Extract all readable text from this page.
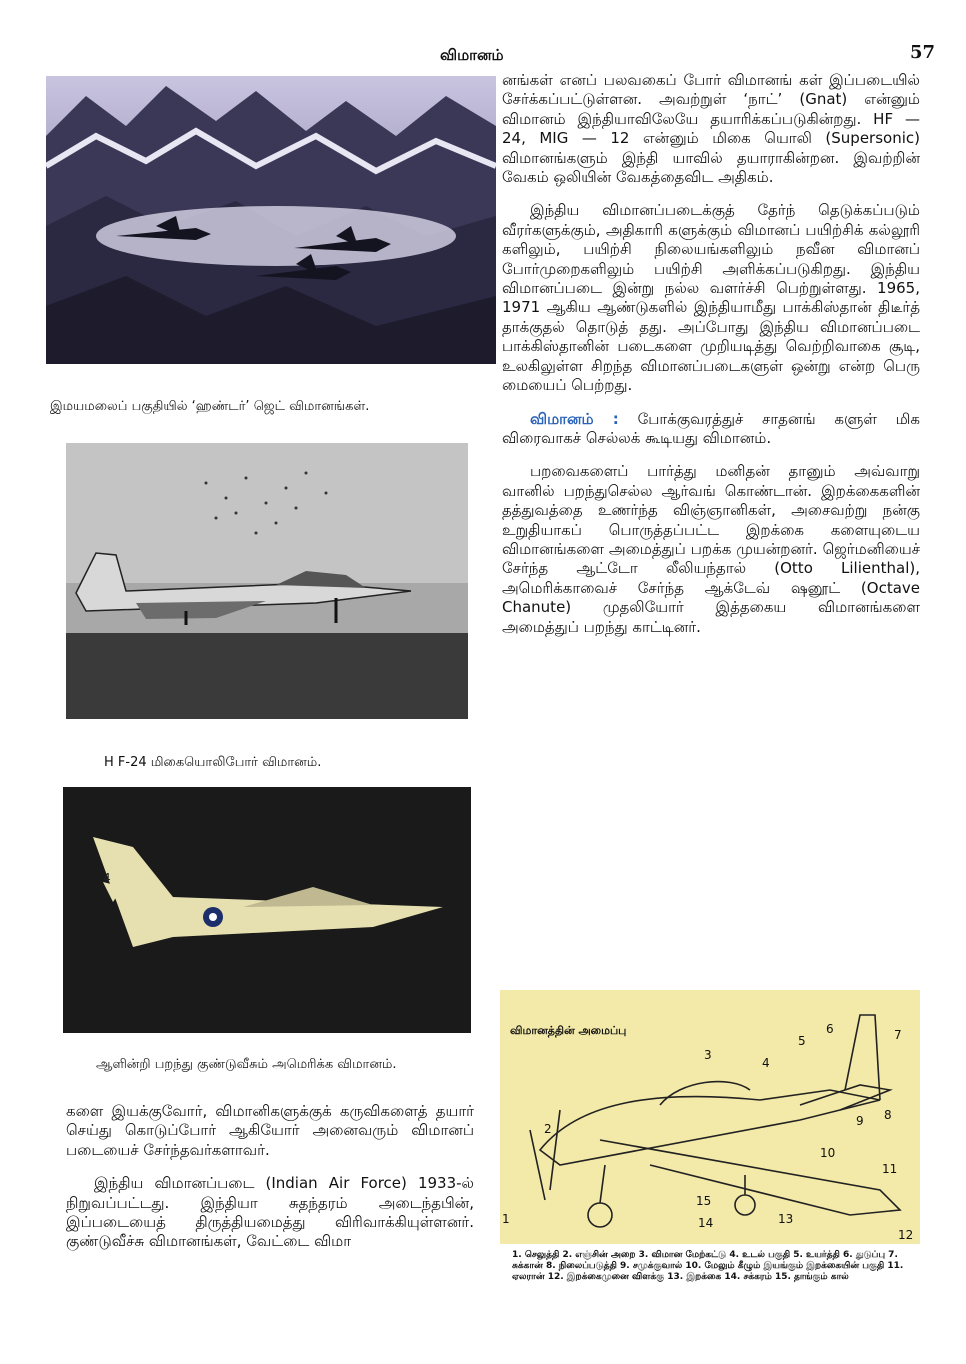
விமானம்	57
இமயமலைப் பகுதியில் ‘ஹண்டர்’ ஜெட் விமானங்கள்.
H F-24 மிகையொலிபோர் விமானம்.
4
ஆளின்றி பறந்து குண்டுவீசும் அமெரிக்க விமானம்.

களை இயக்குவோர், விமானிகளுக்குக் கருவிகளைத் தயார் செய்து கொடுப்போர் ஆகியோர் அனைவரும் விமானப் படையைச் சேர்ந்தவர்களாவர்.

இந்திய விமானப்படை (Indian Air Force) 1933-ல் நிறுவப்பட்டது. இந்தியா சுதந்தரம் அடைந்தபின், இப்படையைத் திருத்தியமைத்து விரிவாக்கியுள்ளனர். குண்டுவீச்சு விமானங்கள், வேட்டை விமா

னங்கள் எனப் பலவகைப் போர் விமானங் கள் இப்படையில் சேர்க்கப்பட்டுள்ளன. அவற்றுள் ‘நாட்’ (Gnat) என்னும் விமானம் இந்தியாவிலேயே தயாரிக்கப்படுகின்றது. HF — 24, MIG — 12 என்னும் மிகை யொலி (Supersonic) விமானங்களும் இந்தி யாவில் தயாராகின்றன. இவற்றின் வேகம் ஒலியின் வேகத்தைவிட அதிகம்.

இந்திய விமானப்படைக்குத் தேர்ந் தெடுக்கப்படும் வீரர்களுக்கும், அதிகாரி களுக்கும் விமானப் பயிற்சிக் கல்லூரி களிலும், பயிற்சி நிலையங்களிலும் நவீன விமானப் போர்முறைகளிலும் பயிற்சி அளிக்கப்படுகிறது. இந்திய விமானப்படை இன்று நல்ல வளர்ச்சி பெற்றுள்ளது. 1965, 1971 ஆகிய ஆண்டுகளில் இந்தியாமீது பாக்கிஸ்தான் திடீர்த் தாக்குதல் தொடுத் தது. அப்போது இந்திய விமானப்படை பாக்கிஸ்தானின் படைகளை முறியடித்து வெற்றிவாகை சூடி, உலகிலுள்ள சிறந்த விமானப்படைகளுள் ஒன்று என்ற பெரு மையைப் பெற்றது.

விமானம் : போக்குவரத்துச் சாதனங் களுள் மிக விரைவாகச் செல்லக் கூடியது விமானம்.

பறவைகளைப் பார்த்து மனிதன் தானும் அவ்வாறு வானில் பறந்துசெல்ல ஆர்வங் கொண்டான். இறக்கைகளின் தத்துவத்தை உணர்ந்த விஞ்ஞானிகள், அசைவற்று நன்கு உறுதியாகப் பொருத்தப்பட்ட இறக்கை களையுடைய விமானங்களை அமைத்துப் பறக்க முயன்றனர். ஜெர்மனியைச் சேர்ந்த ஆட்டோ லீலியந்தால் (Otto Lilienthal), அமெரிக்காவைச் சேர்ந்த ஆக்டேவ் ஷனூட் (Octave Chanute) முதலியோர் இத்தகைய விமானங்களை அமைத்துப் பறந்து காட்டினர்.

விமானத்தின் அமைப்பு
3
4
5
6	7
8
9
1
2
10
11
12
13
14
15
1. செலுத்தி 2. எஞ்சின் அறை 3. விமான மேற்கட்டு 4. உடல் பகுதி 5. உயர்த்தி 6. துடுப்பு 7. சுக்கான் 8. நிலைப்படுத்தி 9. சமுக்குவால் 10. மேலும் கீழும் இயங்கும் இறக்கையின் பகுதி 11. ஏலரான் 12. இறக்கைமுனை விளக்கு 13. இறக்கை 14. சக்கரம் 15. தாங்கும் கால்
